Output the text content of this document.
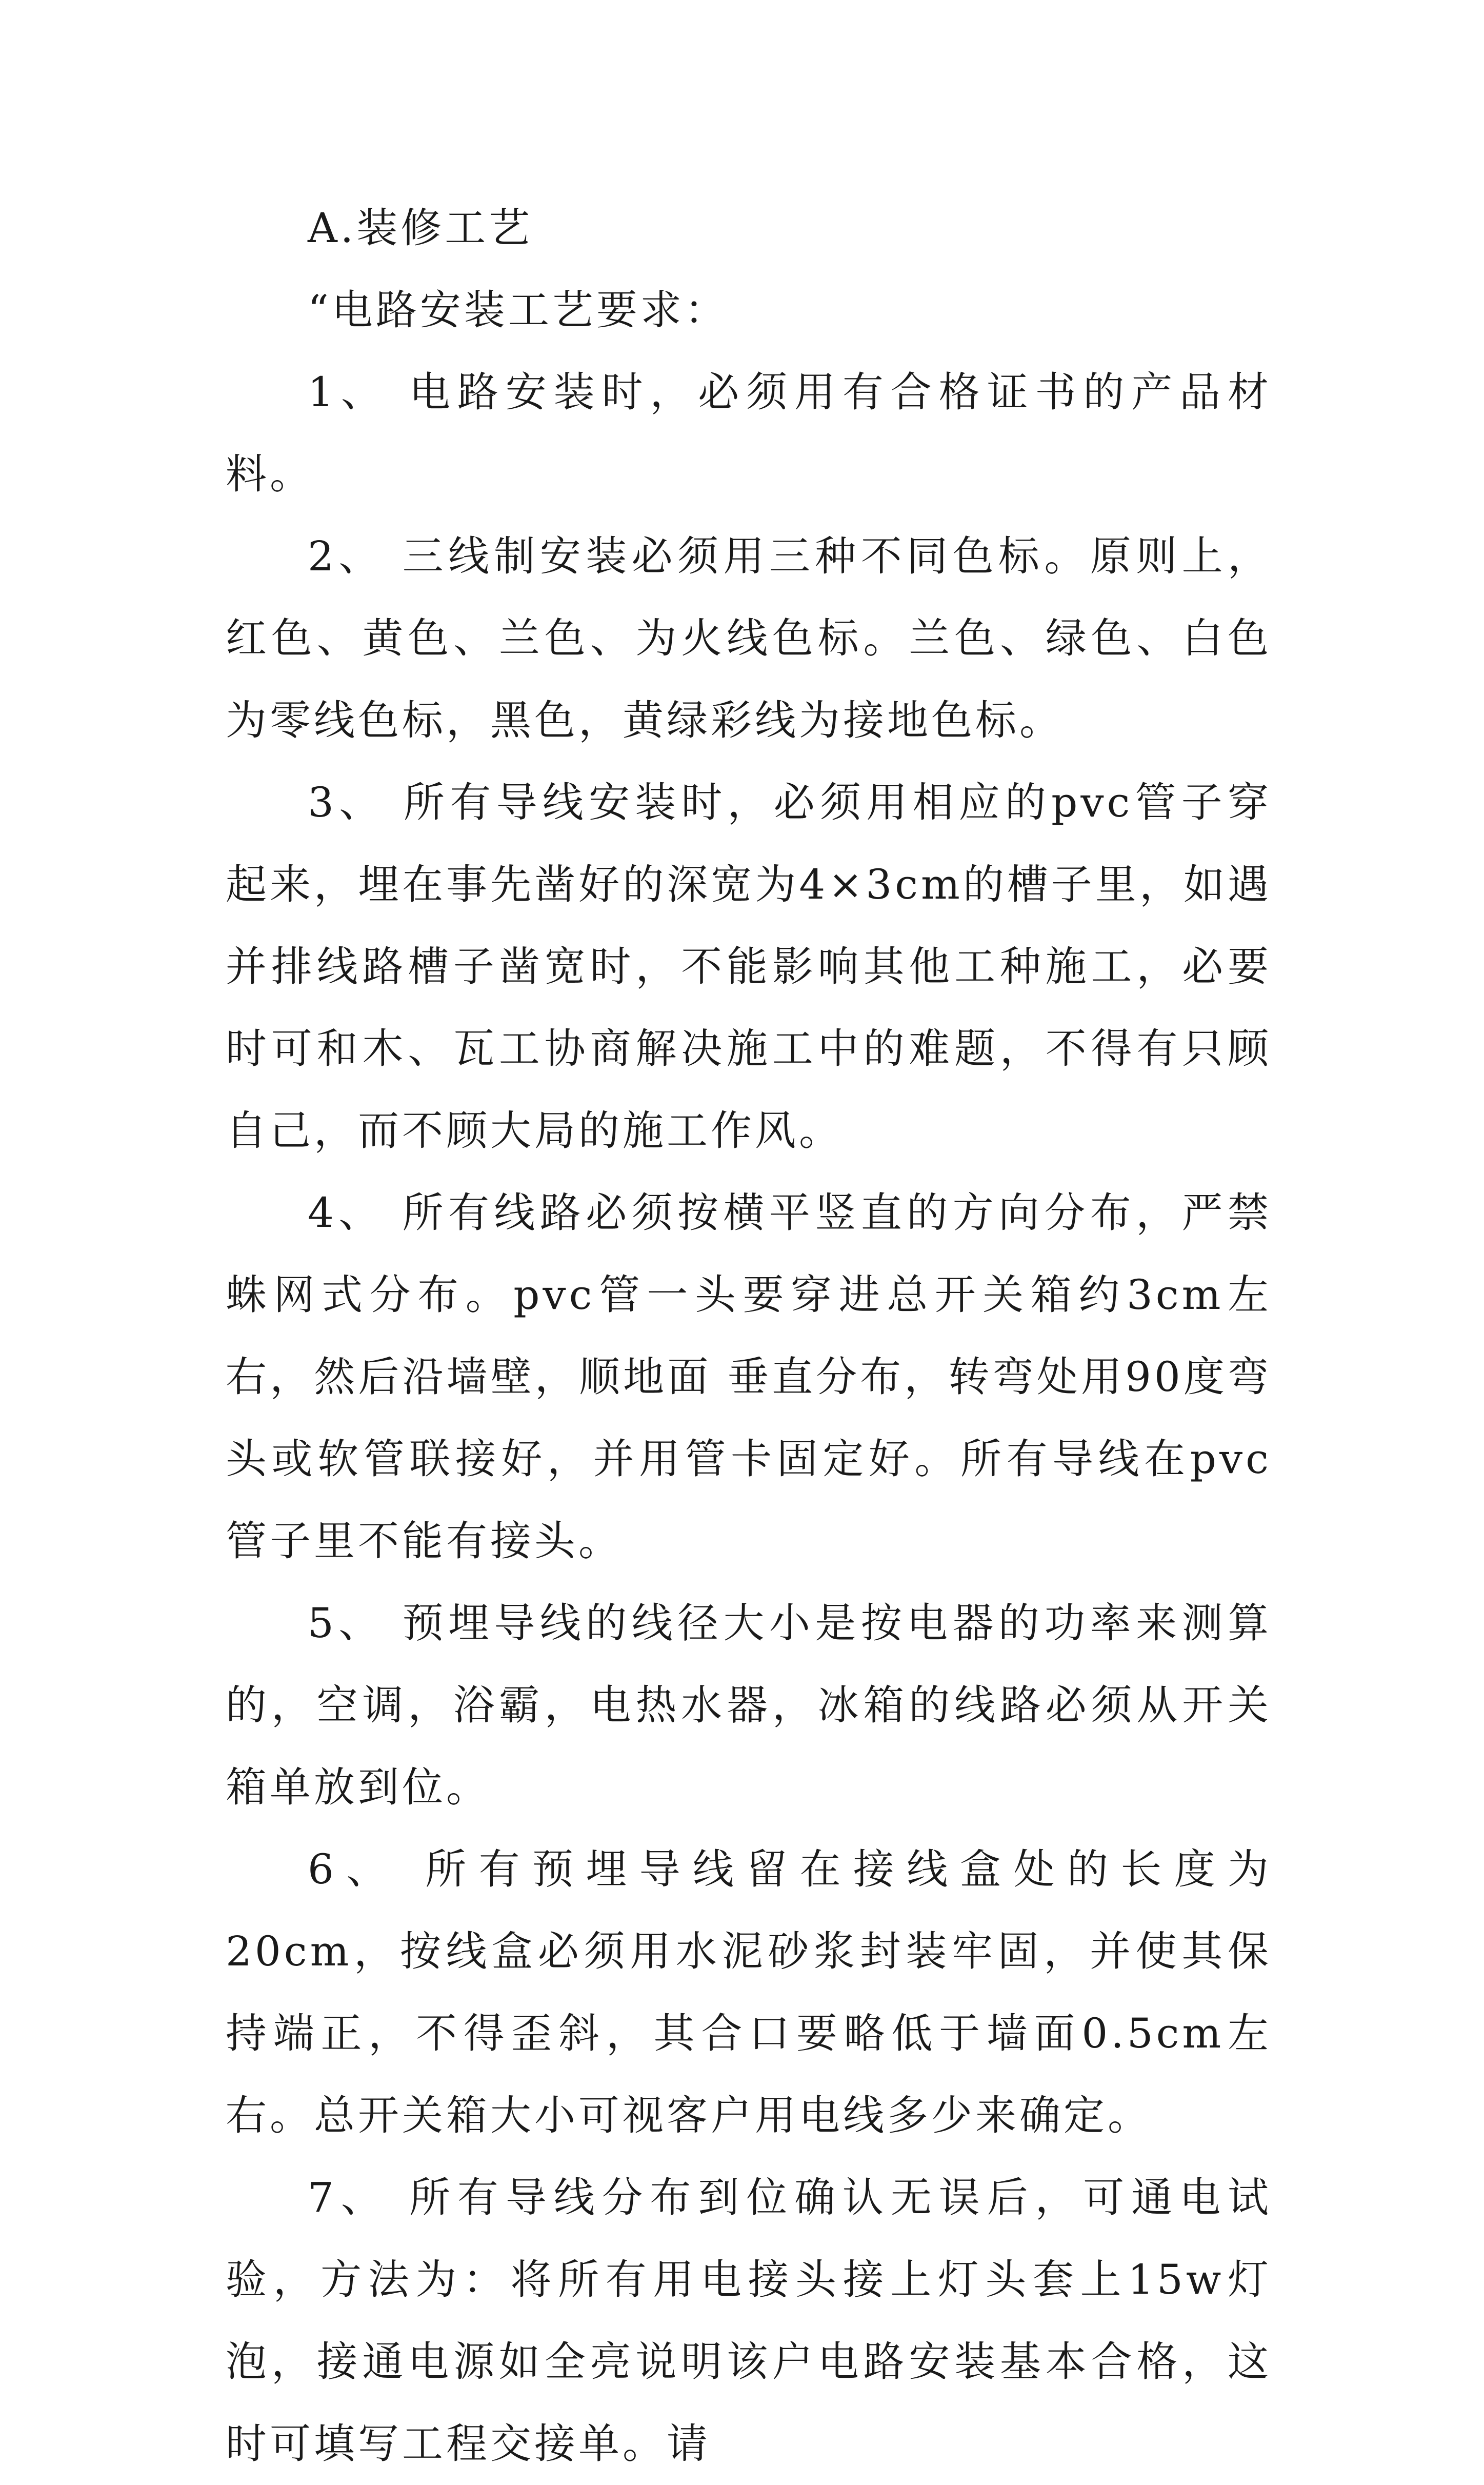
A.装修工艺

“电路安装工艺要求：

1、 电路安装时，必须用有合格证书的产品材料。

2、 三线制安装必须用三种不同色标。原则上，红色、黄色、兰色、为火线色标。兰色、绿色、白色为零线色标，黑色，黄绿彩线为接地色标。

3、 所有导线安装时，必须用相应的pvc管子穿起来，埋在事先凿好的深宽为4×3cm的槽子里，如遇并排线路槽子凿宽时，不能影响其他工种施工，必要时可和木、瓦工协商解决施工中的难题，不得有只顾自己，而不顾大局的施工作风。

4、 所有线路必须按横平竖直的方向分布，严禁蛛网式分布。pvc管一头要穿进总开关箱约3cm左右，然后沿墙壁，顺地面 垂直分布，转弯处用90度弯头或软管联接好，并用管卡固定好。所有导线在pvc管子里不能有接头。

5、 预埋导线的线径大小是按电器的功率来测算的，空调，浴霸，电热水器，冰箱的线路必须从开关箱单放到位。

6、 所有预埋导线留在接线盒处的长度为20cm，按线盒必须用水泥砂浆封装牢固，并使其保持端正，不得歪斜，其合口要略低于墙面0.5cm左右。总开关箱大小可视客户用电线多少来确定。

7、 所有导线分布到位确认无误后，可通电试验，方法为：将所有用电接头接上灯头套上15w灯泡，接通电源如全亮说明该户电路安装基本合格，这时可填写工程交接单。请
